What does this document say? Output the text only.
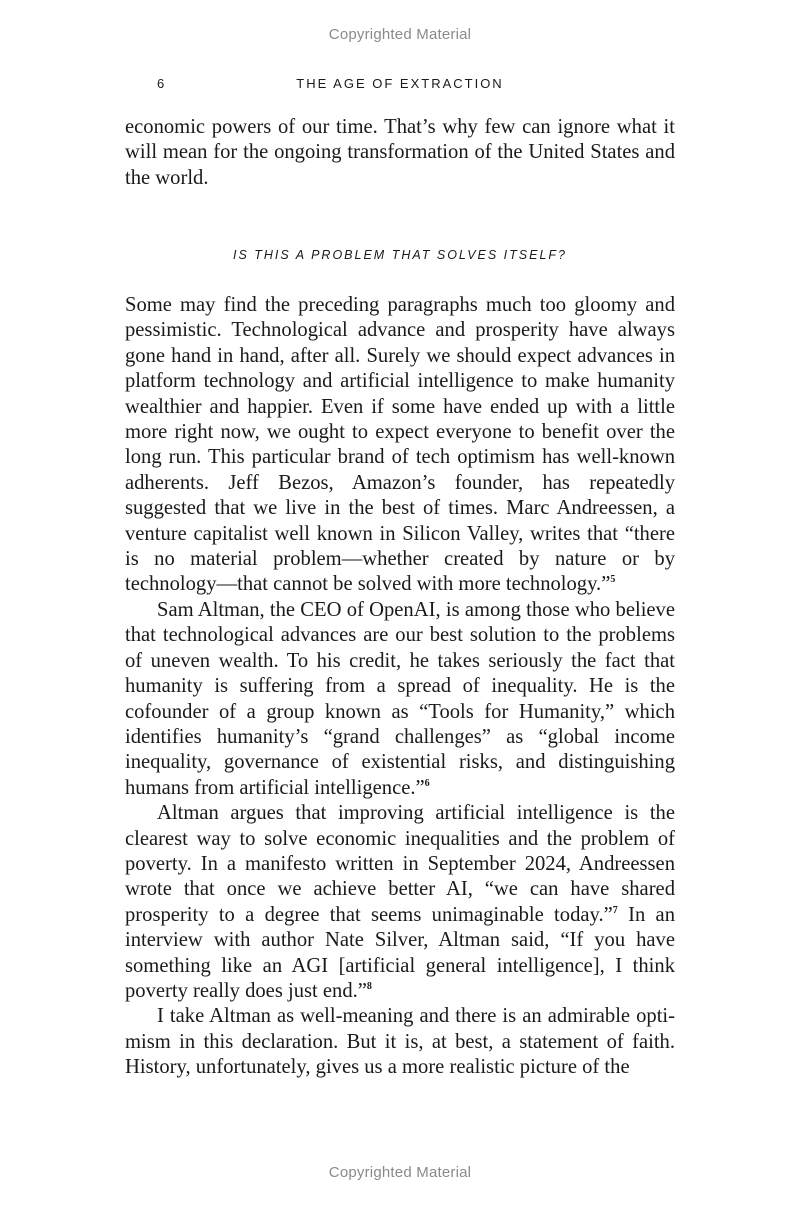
Copyrighted Material
6	THE AGE OF EXTRACTION

economic powers of our time. That’s why few can ignore what it will mean for the ongoing transformation of the United States and the world.

IS THIS A PROBLEM THAT SOLVES ITSELF?

Some may find the preceding paragraphs much too gloomy and pessimistic. Technological advance and prosperity have always gone hand in hand, after all. Surely we should expect advances in platform technology and artificial intelligence to make humanity wealthier and happier. Even if some have ended up with a little more right now, we ought to expect everyone to benefit over the long run. This particular brand of tech optimism has well-known adherents. Jeff Bezos, Amazon’s founder, has repeatedly suggested that we live in the best of times. Marc Andreessen, a venture capitalist well known in Silicon Valley, writes that “there is no material problem—whether created by nature or by technology—that cannot be solved with more technology.”$^5$

Sam Altman, the CEO of OpenAI, is among those who believe that technological advances are our best solution to the problems of uneven wealth. To his credit, he takes seriously the fact that humanity is suffering from a spread of inequality. He is the cofounder of a group known as “Tools for Humanity,” which identifies humanity’s “grand challenges” as “global income inequality, governance of existential risks, and distinguishing humans from artificial intelligence.”$^6$

Altman argues that improving artificial intelligence is the clearest way to solve economic inequalities and the problem of poverty. In a manifesto written in September 2024, Andreessen wrote that once we achieve better AI, “we can have shared prosperity to a degree that seems unimaginable today.”$^7$ In an interview with author Nate Silver, Altman said, “If you have something like an AGI [artificial general intelligence], I think poverty really does just end.”$^8$

I take Altman as well-meaning and there is an admirable optimism in this declaration. But it is, at best, a statement of faith. History, unfortunately, gives us a more realistic picture of the

Copyrighted Material
